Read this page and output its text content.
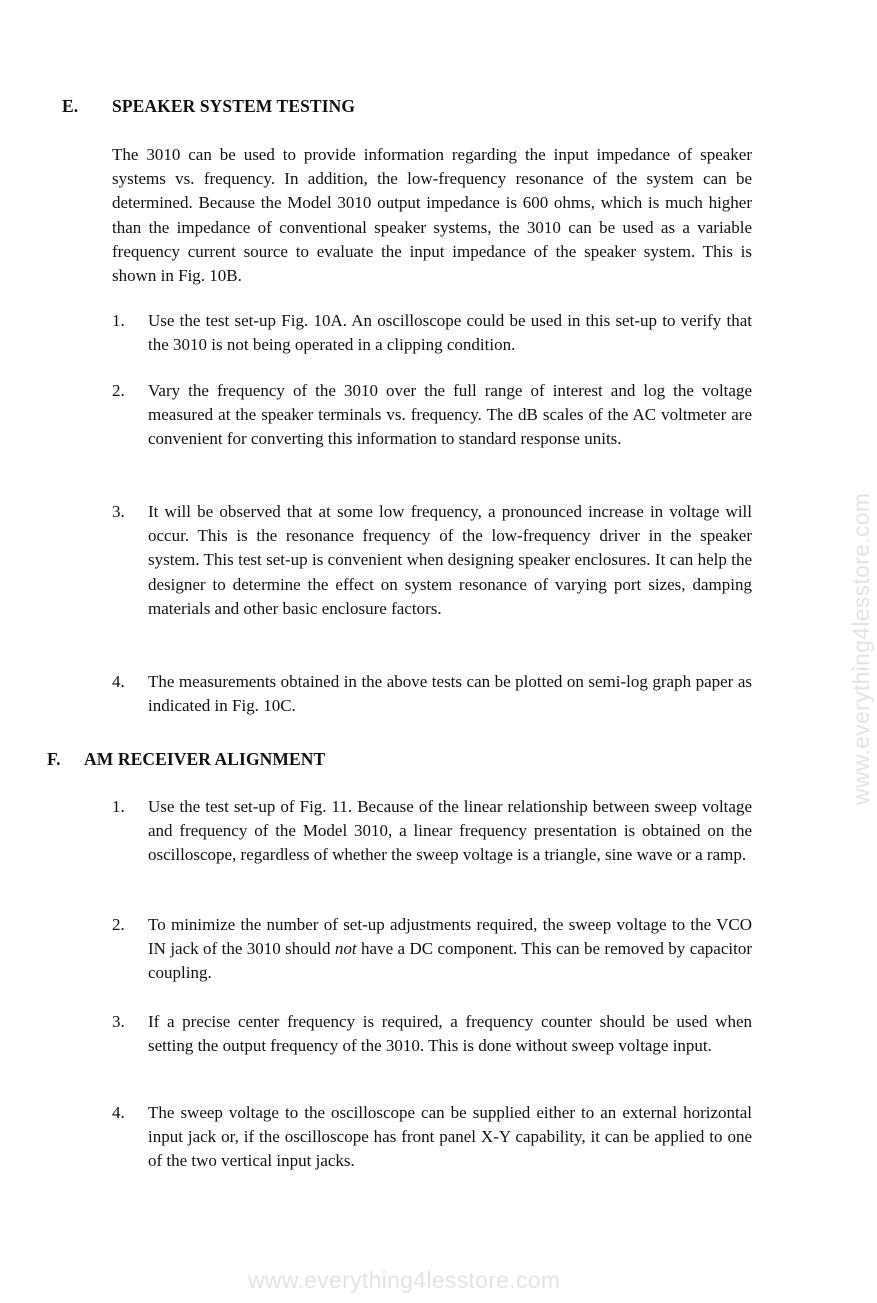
E. SPEAKER SYSTEM TESTING
The 3010 can be used to provide information regarding the input impedance of speaker systems vs. frequency. In addition, the low-frequency resonance of the system can be determined. Because the Model 3010 output impedance is 600 ohms, which is much higher than the impedance of conventional speaker systems, the 3010 can be used as a variable frequency current source to evaluate the input impedance of the speaker system. This is shown in Fig. 10B.
1. Use the test set-up Fig. 10A. An oscilloscope could be used in this set-up to verify that the 3010 is not being operated in a clipping condition.
2. Vary the frequency of the 3010 over the full range of interest and log the voltage measured at the speaker terminals vs. frequency. The dB scales of the AC voltmeter are convenient for converting this information to standard response units.
3. It will be observed that at some low frequency, a pronounced increase in voltage will occur. This is the resonance frequency of the low-frequency driver in the speaker system. This test set-up is convenient when designing speaker enclosures. It can help the designer to determine the effect on system resonance of varying port sizes, damping materials and other basic enclosure factors.
4. The measurements obtained in the above tests can be plotted on semi-log graph paper as indicated in Fig. 10C.
F. AM RECEIVER ALIGNMENT
1. Use the test set-up of Fig. 11. Because of the linear relationship between sweep voltage and frequency of the Model 3010, a linear frequency presentation is obtained on the oscilloscope, regardless of whether the sweep voltage is a triangle, sine wave or a ramp.
2. To minimize the number of set-up adjustments required, the sweep voltage to the VCO IN jack of the 3010 should not have a DC component. This can be removed by capacitor coupling.
3. If a precise center frequency is required, a frequency counter should be used when setting the output frequency of the 3010. This is done without sweep voltage input.
4. The sweep voltage to the oscilloscope can be supplied either to an external horizontal input jack or, if the oscilloscope has front panel X-Y capability, it can be applied to one of the two vertical input jacks.
www.everything4lesstore.com
www.everything4lesstore.com
